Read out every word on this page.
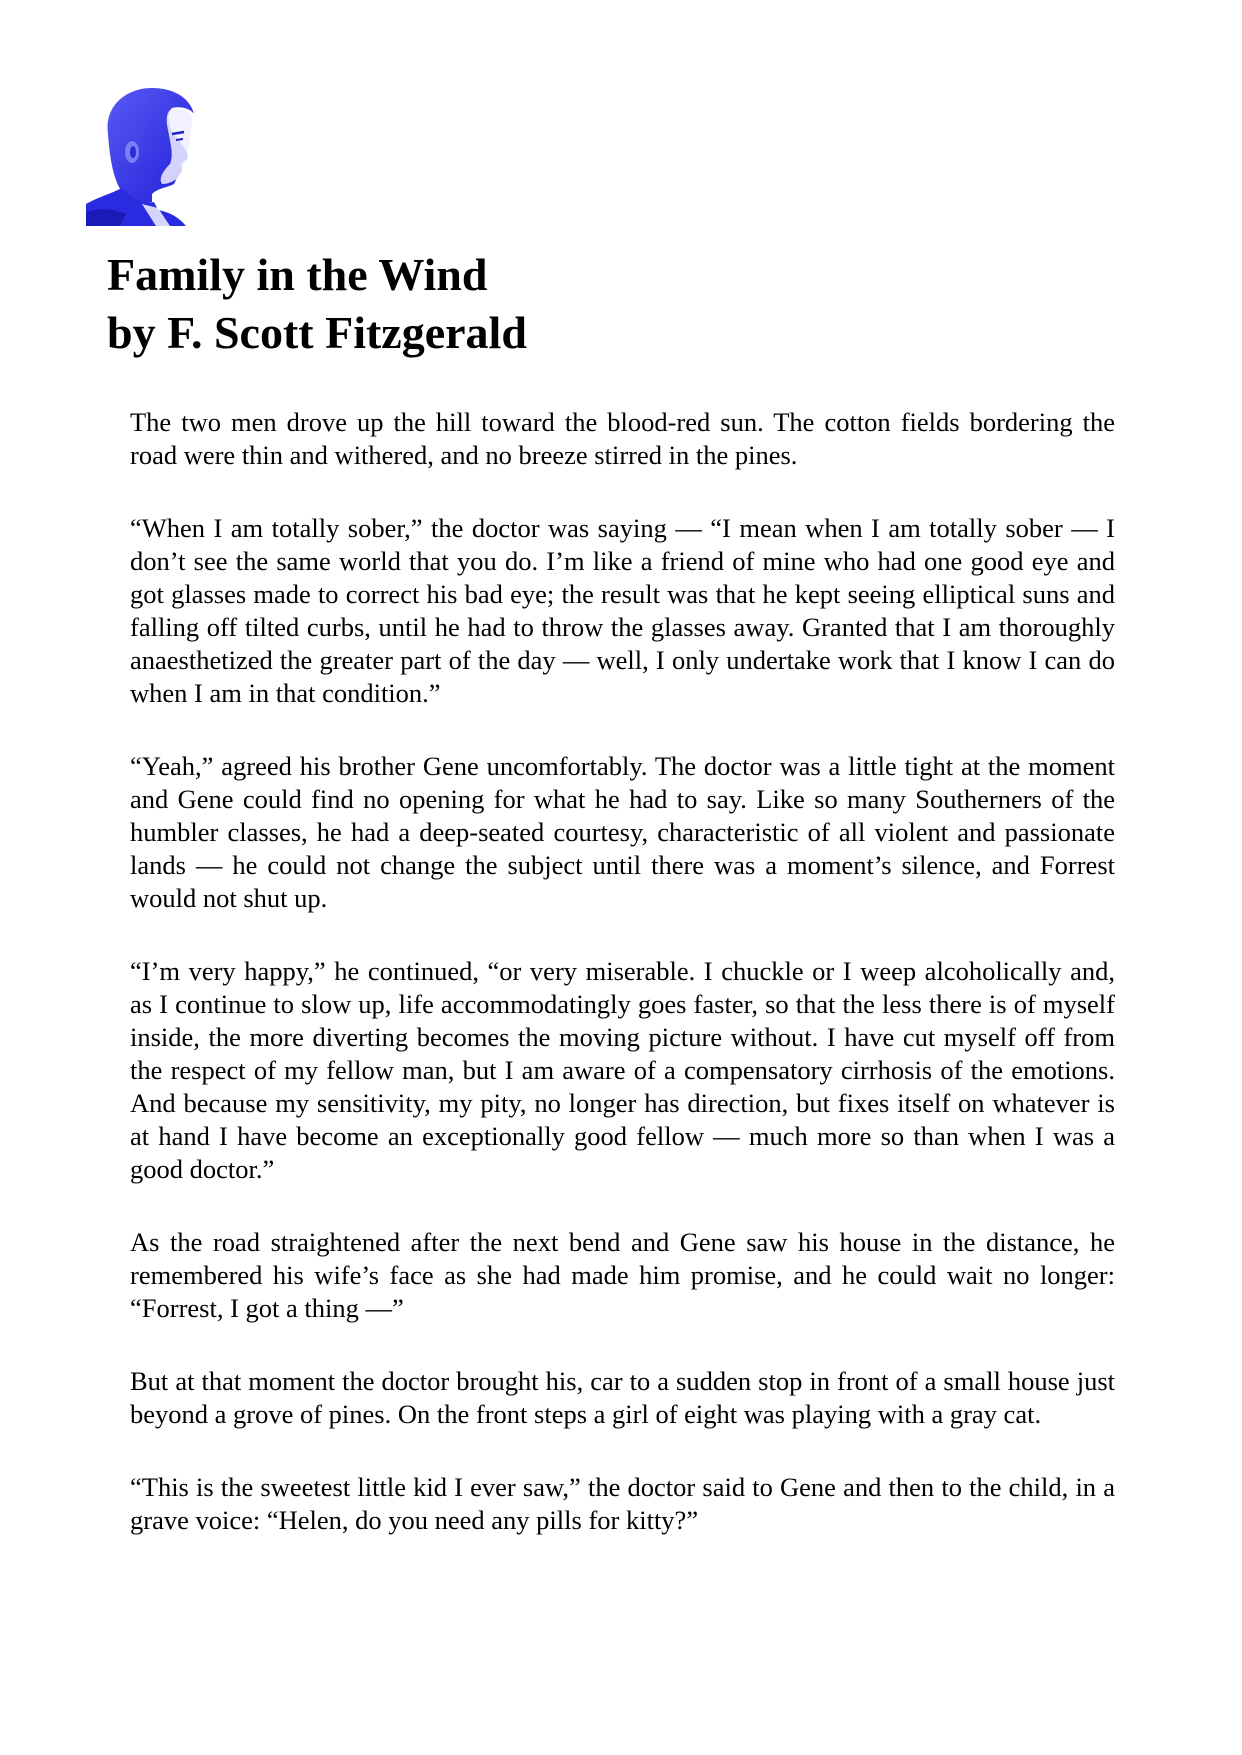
Family in the Wind
by F. Scott Fitzgerald

The two men drove up the hill toward the blood-red sun. The cotton fields bordering the road were thin and withered, and no breeze stirred in the pines.

“When I am totally sober,” the doctor was saying — “I mean when I am totally sober — I don’t see the same world that you do. I’m like a friend of mine who had one good eye and got glasses made to correct his bad eye; the result was that he kept seeing elliptical suns and falling off tilted curbs, until he had to throw the glasses away. Granted that I am thoroughly anaesthetized the greater part of the day — well, I only undertake work that I know I can do when I am in that condition.”

“Yeah,” agreed his brother Gene uncomfortably. The doctor was a little tight at the moment and Gene could find no opening for what he had to say. Like so many Southerners of the humbler classes, he had a deep-seated courtesy, characteristic of all violent and passionate lands — he could not change the subject until there was a moment’s silence, and Forrest would not shut up.

“I’m very happy,” he continued, “or very miserable. I chuckle or I weep alcoholically and, as I continue to slow up, life accommodatingly goes faster, so that the less there is of myself inside, the more diverting becomes the moving picture without. I have cut myself off from the respect of my fellow man, but I am aware of a compensatory cirrhosis of the emotions. And because my sensitivity, my pity, no longer has direction, but fixes itself on whatever is at hand I have become an exceptionally good fellow — much more so than when I was a good doctor.”

As the road straightened after the next bend and Gene saw his house in the distance, he remembered his wife’s face as she had made him promise, and he could wait no longer: “Forrest, I got a thing —”

But at that moment the doctor brought his, car to a sudden stop in front of a small house just beyond a grove of pines. On the front steps a girl of eight was playing with a gray cat.

“This is the sweetest little kid I ever saw,” the doctor said to Gene and then to the child, in a grave voice: “Helen, do you need any pills for kitty?”
